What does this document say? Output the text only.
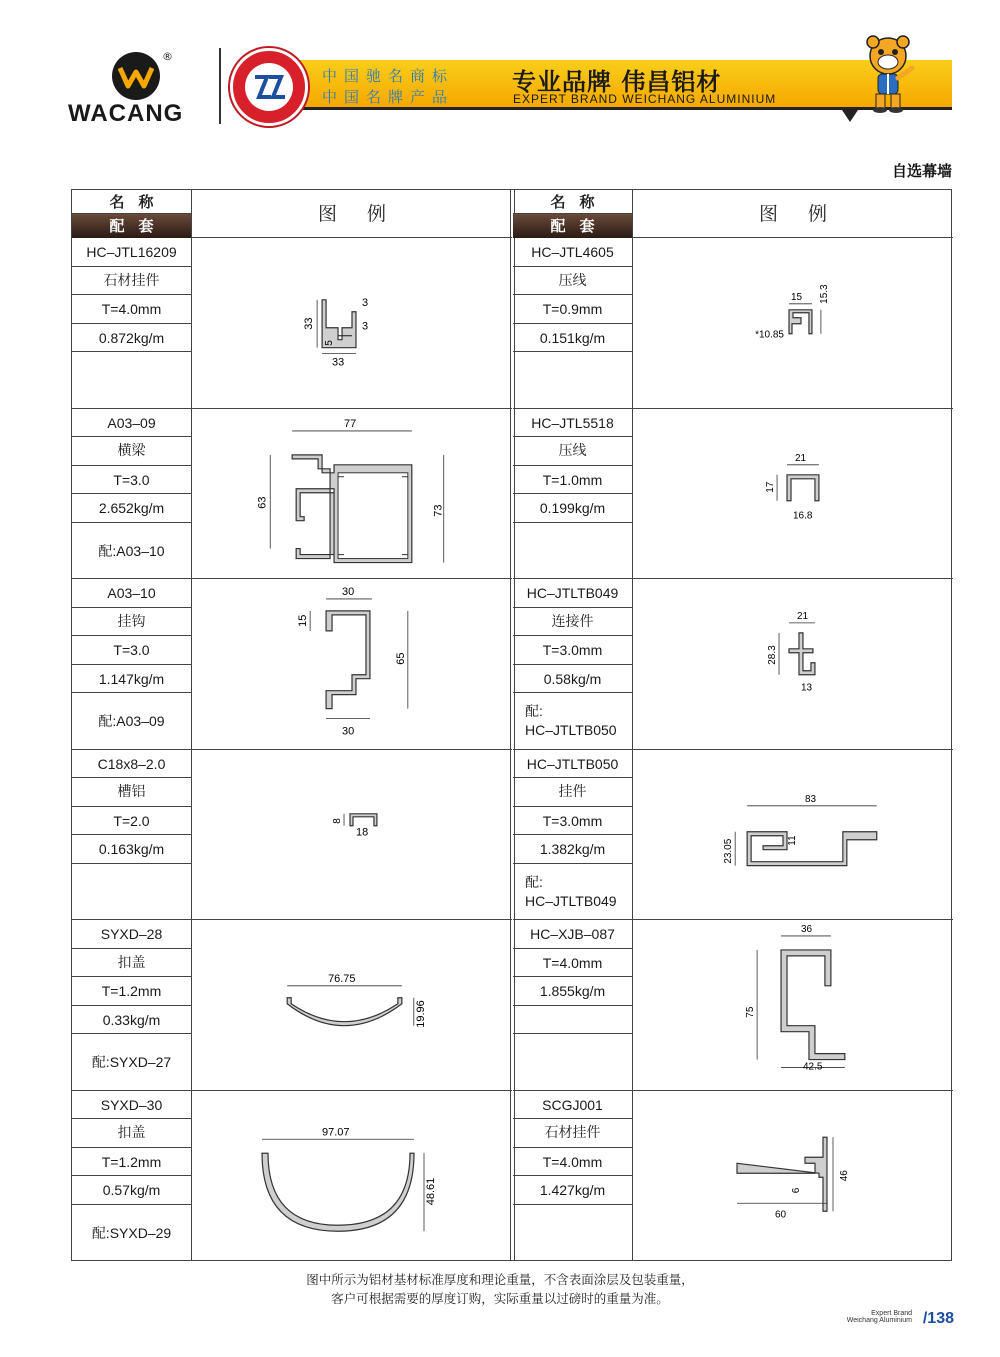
®
WACANG
中国驰名商标
中国名牌产品
专业品牌 伟昌铝材
EXPERT BRAND WEICHANG ALUMINIUM
自选幕墙
名称
配套
图例
HC–JTL16209
石材挂件
T=4.0mm
0.872kg/m
33
3
3
5
33
A03–09
横梁
T=3.0
2.652kg/m
配:A03–10
77
63
73
A03–10
挂钩
T=3.0
1.147kg/m
配:A03–09
30
15
65
30
C18x8–2.0
槽铝
T=2.0
0.163kg/m
8
18
SYXD–28
扣盖
T=1.2mm
0.33kg/m
配:SYXD–27
76.75
19.96
SYXD–30
扣盖
T=1.2mm
0.57kg/m
配:SYXD–29
97.07
48.61
名称
配套
图例
HC–JTL4605
压线
T=0.9mm
0.151kg/m
15 15.3
*10.85
HC–JTL5518
压线
T=1.0mm
0.199kg/m
21
17
16.8
HC–JTLTB049
连接件
T=3.0mm
0.58kg/m
配:
HC–JTLTB050
21
28.3
13
HC–JTLTB050
挂件
T=3.0mm
1.382kg/m
配:
HC–JTLTB049
83
23.05	11
HC–XJB–087
T=4.0mm
1.855kg/m
36
75
42.5
SCGJ001
石材挂件
T=4.0mm
1.427kg/m
46
6
60
图中所示为铝材基材标准厚度和理论重量，不含表面涂层及包装重量，
客户可根据需要的厚度订购，实际重量以过磅时的重量为准。
Expert Brand
Weichang Aluminium /138
